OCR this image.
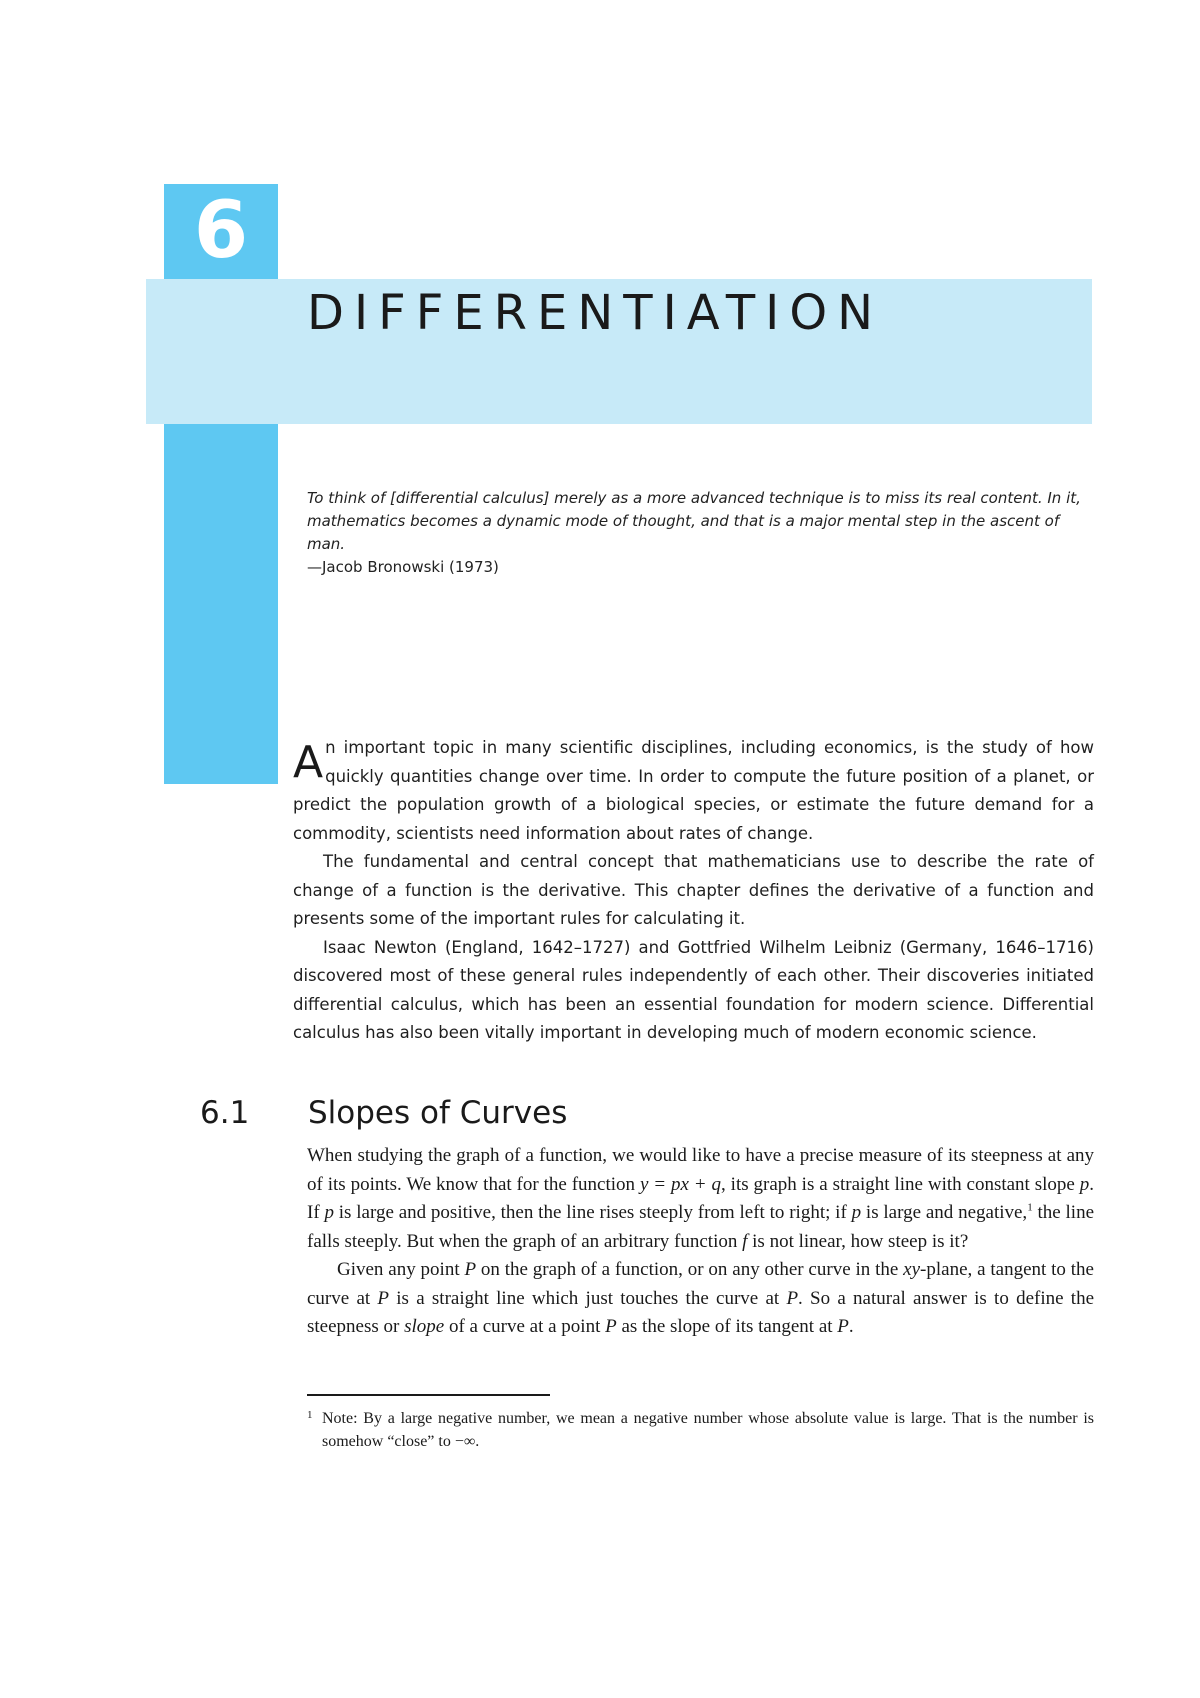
6
DIFFERENTIATION
To think of [differential calculus] merely as a more advanced technique is to miss its real content. In it,
mathematics becomes a dynamic mode of thought, and that is a major mental step in the ascent of man.
—Jacob Bronowski (1973)

An important topic in many scientific disciplines, including economics, is the study of how quickly quantities change over time. In order to compute the future position of a planet, or predict the population growth of a biological species, or estimate the future demand for a commodity, scientists need information about rates of change.

The fundamental and central concept that mathematicians use to describe the rate of change of a function is the derivative. This chapter defines the derivative of a function and presents some of the important rules for calculating it.

Isaac Newton (England, 1642–1727) and Gottfried Wilhelm Leibniz (Germany, 1646–1716) discovered most of these general rules independently of each other. Their discoveries initiated differential calculus, which has been an essential foundation for modern science. Differential calculus has also been vitally important in developing much of modern economic science.

6.1 Slopes of Curves

When studying the graph of a function, we would like to have a precise measure of its steepness at any of its points. We know that for the function y = px + q, its graph is a straight line with constant slope p. If p is large and positive, then the line rises steeply from left to right; if p is large and negative,$^1$ the line falls steeply. But when the graph of an arbitrary function f is not linear, how steep is it?

Given any point P on the graph of a function, or on any other curve in the xy-plane, a tangent to the curve at P is a straight line which just touches the curve at P. So a natural answer is to define the steepness or slope of a curve at a point P as the slope of its tangent at P.

1 Note: By a large negative number, we mean a negative number whose absolute value is large. That is the number is somehow “close” to −∞.
